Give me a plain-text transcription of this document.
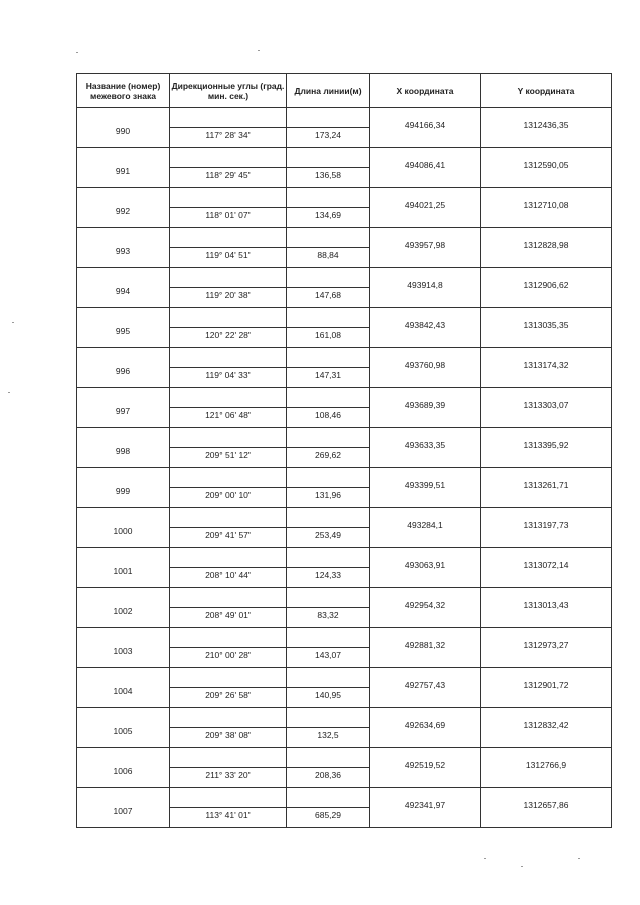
Название (номер) межевого знака	Дирекционные углы (град. мин. сек.)	Длина линии(м)	X координата	Y координата
990			494166,34	1312436,35
	117° 28' 34"	173,24		
991			494086,41	1312590,05
	118° 29' 45"	136,58		
992			494021,25	1312710,08
	118° 01' 07"	134,69		
993			493957,98	1312828,98
	119° 04' 51"	88,84		
994			493914,8	1312906,62
	119° 20' 38"	147,68		
995			493842,43	1313035,35
	120° 22' 28"	161,08		
996			493760,98	1313174,32
	119° 04' 33"	147,31		
997			493689,39	1313303,07
	121° 06' 48"	108,46		
998			493633,35	1313395,92
	209° 51' 12"	269,62		
999			493399,51	1313261,71
	209° 00' 10"	131,96		
1000			493284,1	1313197,73
	209° 41' 57"	253,49		
1001			493063,91	1313072,14
	208° 10' 44"	124,33		
1002			492954,32	1313013,43
	208° 49' 01"	83,32		
1003			492881,32	1312973,27
	210° 00' 28"	143,07		
1004			492757,43	1312901,72
	209° 26' 58"	140,95		
1005			492634,69	1312832,42
	209° 38' 08"	132,5		
1006			492519,52	1312766,9
	211° 33' 20"	208,36		
1007			492341,97	1312657,86
	113° 41' 01"	685,29		
